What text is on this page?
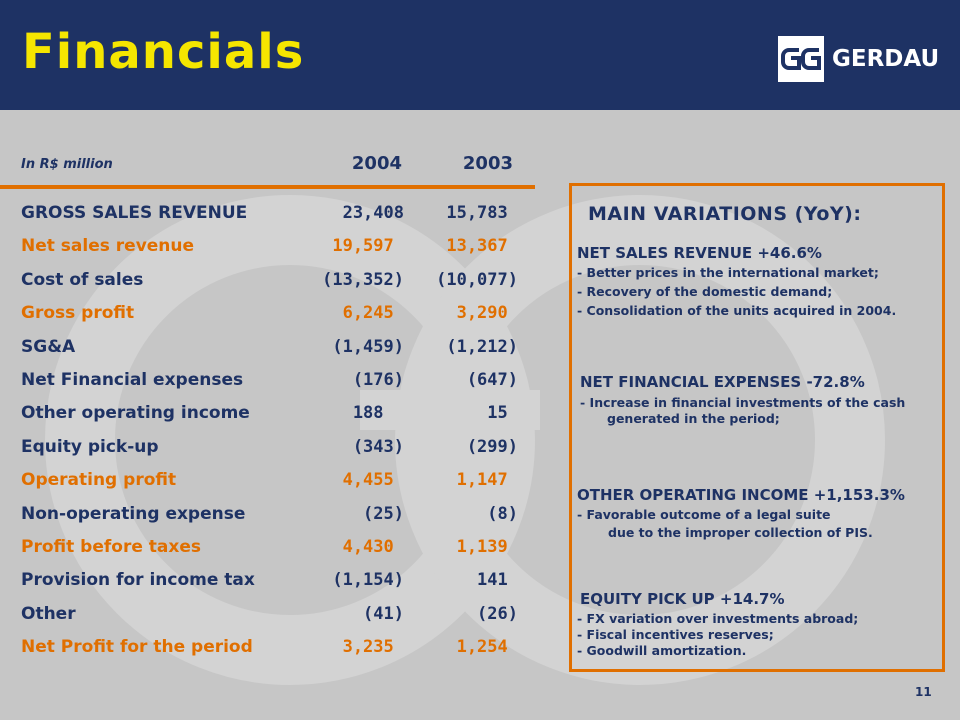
Financials	GERDAU
In R$ million	2004	2003
GROSS SALES REVENUE	23,408	15,783
Net sales revenue	19,597	13,367
Cost of sales	(13,352)	(10,077)
Gross profit	6,245	3,290
SG&A	(1,459)	(1,212)
Net Financial expenses	(176)	(647)
Other operating income	188	15
Equity pick-up	(343)	(299)
Operating profit	4,455	1,147
Non-operating expense	(25)	(8)
Profit before taxes	4,430	1,139
Provision for income tax	(1,154)	141
Other	(41)	(26)
Net Profit for the period	3,235	1,254
MAIN VARIATIONS (YoY):
NET SALES REVENUE +46.6%
- Better prices in the international market;
- Recovery of the domestic demand;
- Consolidation of the units acquired in 2004.
NET FINANCIAL EXPENSES -72.8%
- Increase in financial investments of the cash
generated in the period;
OTHER OPERATING INCOME +1,153.3%
- Favorable outcome of a legal suite
due to the improper collection of PIS.
EQUITY PICK UP +14.7%
- FX variation over investments abroad;
- Fiscal incentives reserves;
- Goodwill amortization.
11
